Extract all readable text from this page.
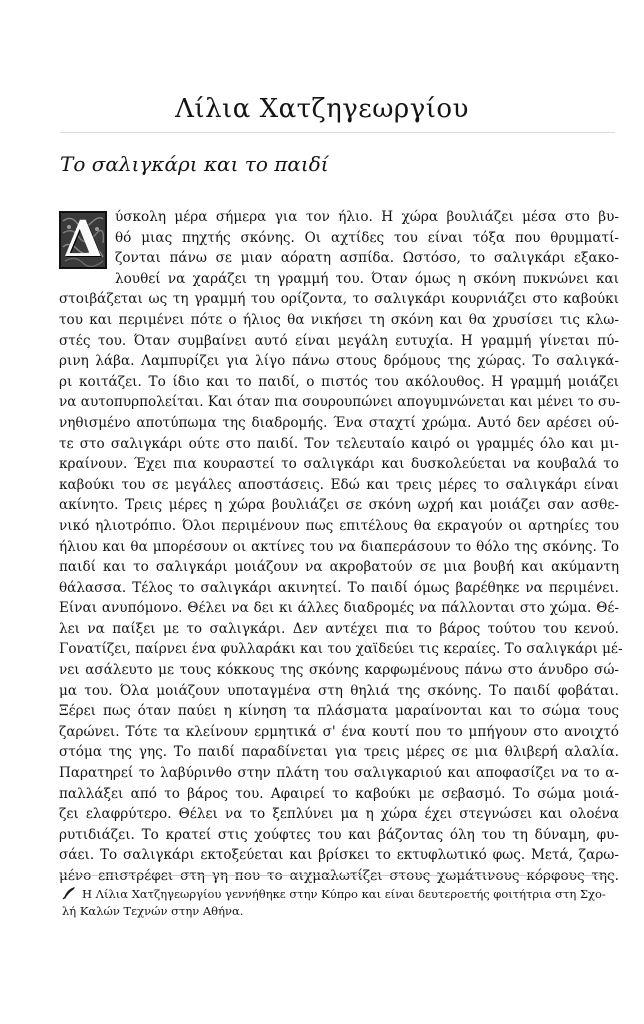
Λίλια Χατζηγεωργίου
Το σαλιγκάρι και το παιδί
Δ ύσκολη μέρα σήμερα για τον ήλιο. Η χώρα βουλιάζει μέσα στο βυ-
θό μιας πηχτής σκόνης. Οι αχτίδες του είναι τόξα που θρυμματί-
ζονται πάνω σε μιαν αόρατη ασπίδα. Ωστόσο, το σαλιγκάρι εξακο-
λουθεί να χαράζει τη γραμμή του. Όταν όμως η σκόνη πυκνώνει και
στοιβάζεται ως τη γραμμή του ορίζοντα, το σαλιγκάρι κουρνιάζει στο καβούκι
του και περιμένει πότε ο ήλιος θα νικήσει τη σκόνη και θα χρυσίσει τις κλω-
στές του. Όταν συμβαίνει αυτό είναι μεγάλη ευτυχία. Η γραμμή γίνεται πύ-
ρινη λάβα. Λαμπυρίζει για λίγο πάνω στους δρόμους της χώρας. Το σαλιγκά-
ρι κοιτάζει. Το ίδιο και το παιδί, ο πιστός του ακόλουθος. Η γραμμή μοιάζει
να αυτοπυρπολείται. Και όταν πια σουρουπώνει απογυμνώνεται και μένει το συ-
νηθισμένο αποτύπωμα της διαδρομής. Ένα σταχτί χρώμα. Αυτό δεν αρέσει ού-
τε στο σαλιγκάρι ούτε στο παιδί. Τον τελευταίο καιρό οι γραμμές όλο και μι-
κραίνουν. Έχει πια κουραστεί το σαλιγκάρι και δυσκολεύεται να κουβαλά το
καβούκι του σε μεγάλες αποστάσεις. Εδώ και τρεις μέρες το σαλιγκάρι είναι
ακίνητο. Τρεις μέρες η χώρα βουλιάζει σε σκόνη ωχρή και μοιάζει σαν ασθε-
νικό ηλιοτρόπιο. Όλοι περιμένουν πως επιτέλους θα εκραγούν οι αρτηρίες του
ήλιου και θα μπορέσουν οι ακτίνες του να διαπεράσουν το θόλο της σκόνης. Το
παιδί και το σαλιγκάρι μοιάζουν να ακροβατούν σε μια βουβή και ακύμαντη
θάλασσα. Τέλος το σαλιγκάρι ακινητεί. Το παιδί όμως βαρέθηκε να περιμένει.
Είναι ανυπόμονο. Θέλει να δει κι άλλες διαδρομές να πάλλονται στο χώμα. Θέ-
λει να παίξει με το σαλιγκάρι. Δεν αντέχει πια το βάρος τούτου του κενού.
Γονατίζει, παίρνει ένα φυλλαράκι και του χαϊδεύει τις κεραίες. Το σαλιγκάρι μέ-
νει ασάλευτο με τους κόκκους της σκόνης καρφωμένους πάνω στο άνυδρο σώ-
μα του. Όλα μοιάζουν υποταγμένα στη θηλιά της σκόνης. Το παιδί φοβάται.
Ξέρει πως όταν παύει η κίνηση τα πλάσματα μαραίνονται και το σώμα τους
ζαρώνει. Τότε τα κλείνουν ερμητικά σ' ένα κουτί που το μπήγουν στο ανοιχτό
στόμα της γης. Το παιδί παραδίνεται για τρεις μέρες σε μια θλιβερή αλαλία.
Παρατηρεί το λαβύρινθο στην πλάτη του σαλιγκαριού και αποφασίζει να το α-
παλλάξει από το βάρος του. Αφαιρεί το καβούκι με σεβασμό. Το σώμα μοιά-
ζει ελαφρύτερο. Θέλει να το ξεπλύνει μα η χώρα έχει στεγνώσει και ολοένα
ρυτιδιάζει. Το κρατεί στις χούφτες του και βάζοντας όλη του τη δύναμη, φυ-
σάει. Το σαλιγκάρι εκτοξεύεται και βρίσκει το εκτυφλωτικό φως. Μετά, ζαρω-
μένο επιστρέφει στη γη που το αιχμαλωτίζει στους χωμάτινους κόρφους της.
Η Λίλια Χατζηγεωργίου γεννήθηκε στην Κύπρο και είναι δευτεροετής φοιτήτρια στη Σχο-
λή Καλών Τεχνών στην Αθήνα.
